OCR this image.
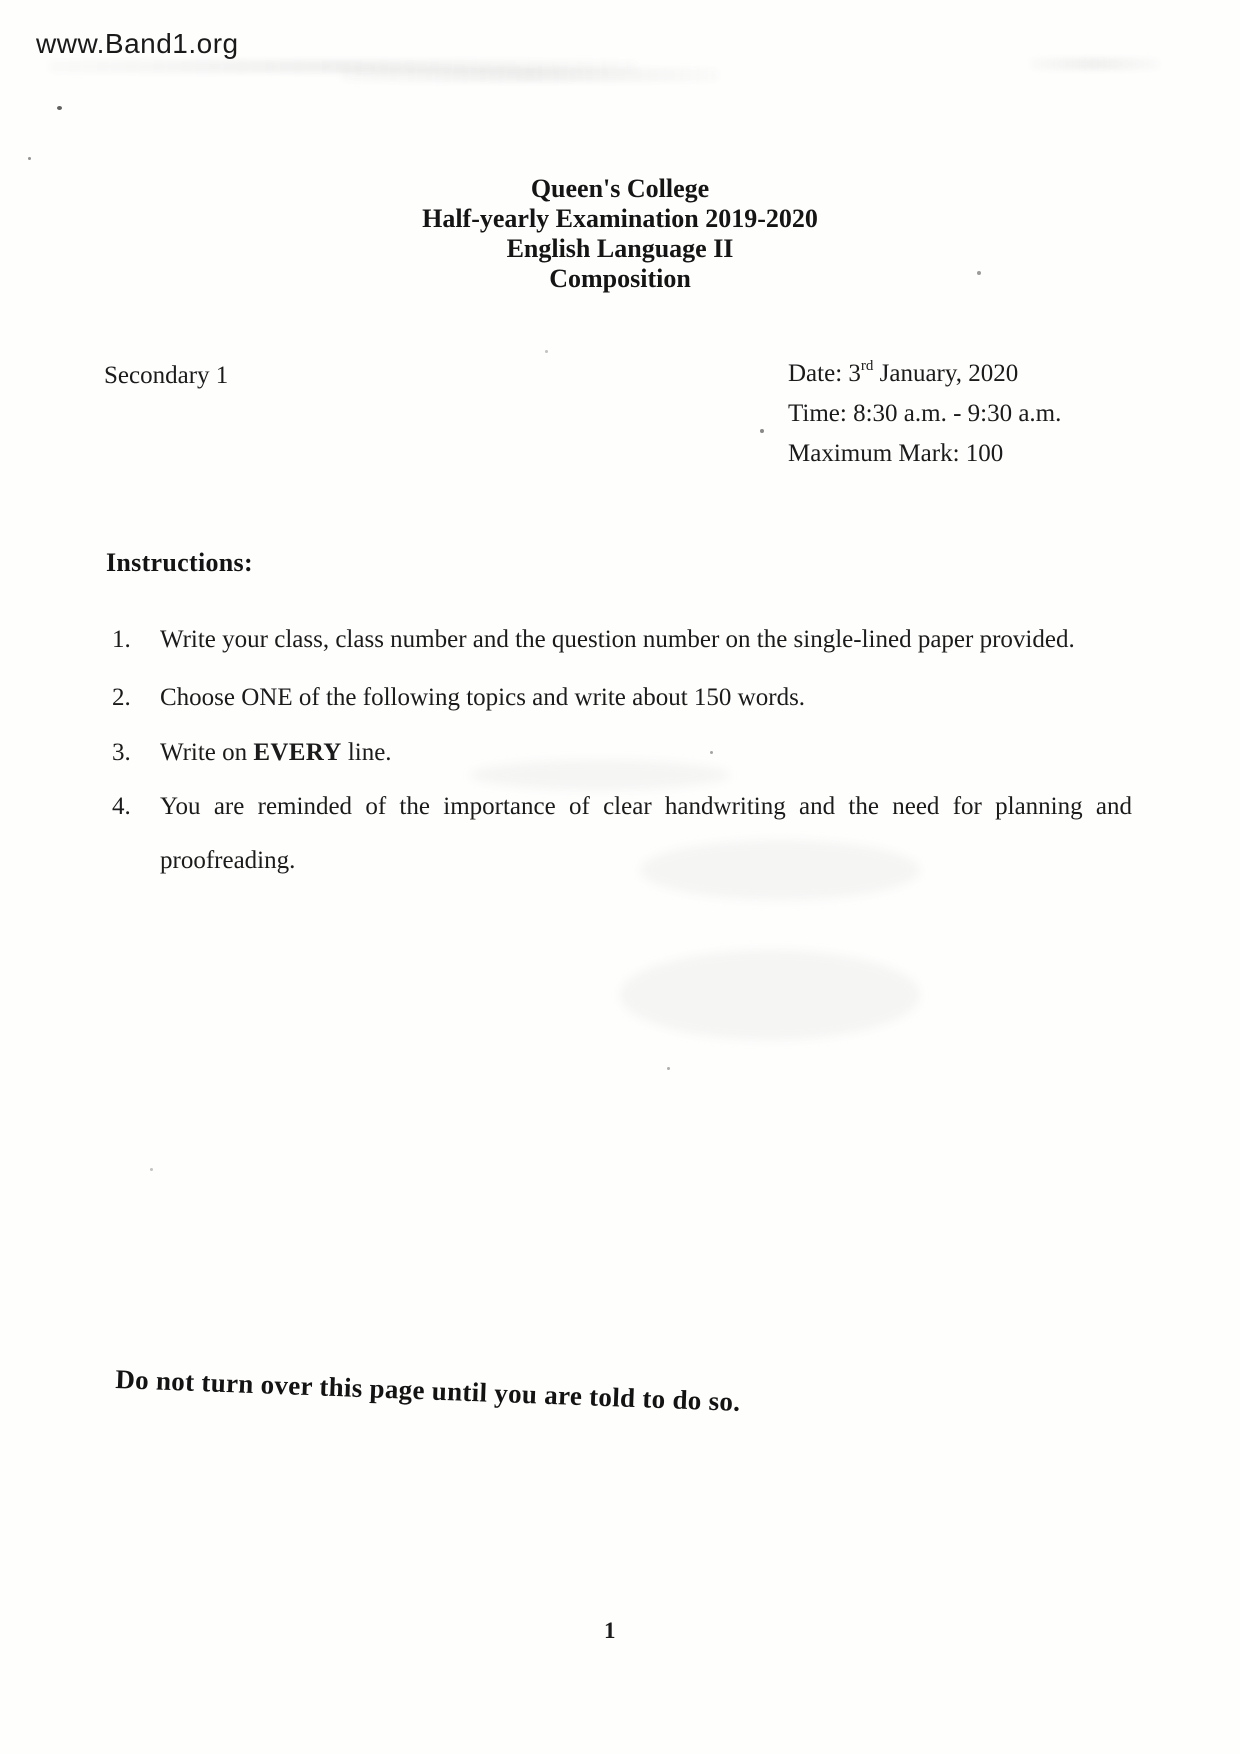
www.Band1.org
Queen's College
Half-yearly Examination 2019-2020
English Language II
Composition
Secondary 1	Date: 3rd January, 2020
Time: 8:30 a.m. - 9:30 a.m.
Maximum Mark: 100
Instructions:
1. Write your class, class number and the question number on the single-lined paper provided.
2. Choose ONE of the following topics and write about 150 words.
3. Write on EVERY line.
4. You are reminded of the importance of clear handwriting and the need for planning and
proofreading.
Do not turn over this page until you are told to do so.
1
